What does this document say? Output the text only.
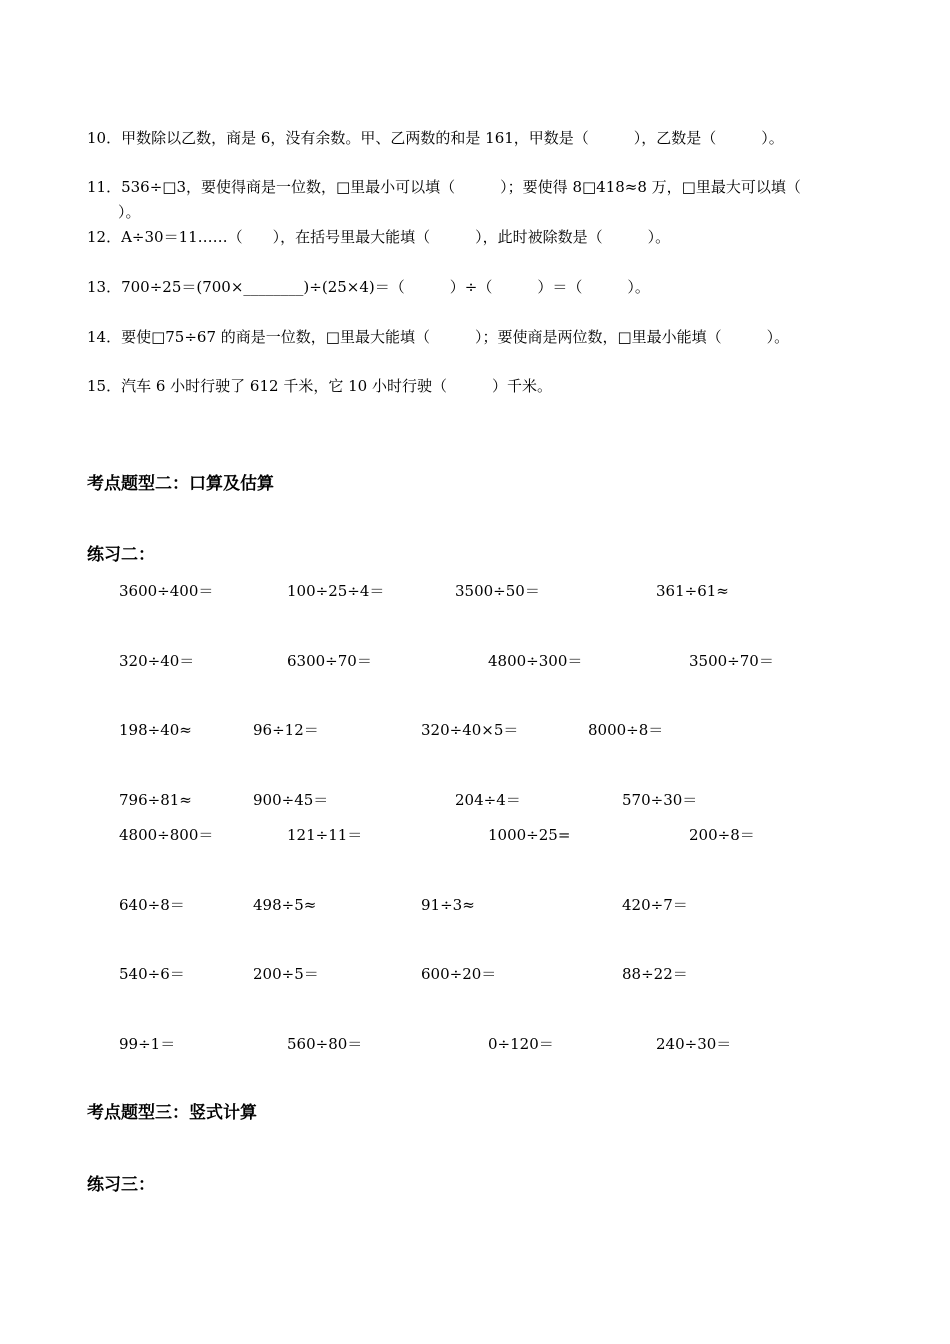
10．甲数除以乙数，商是 6，没有余数。甲、乙两数的和是 161，甲数是（　　　），乙数是（　　　）。
11．536÷□3，要使得商是一位数，□里最小可以填（　　　）；要使得 8□418≈8 万，□里最大可以填（
）。
12．A÷30＝11……（　　），在括号里最大能填（　　　），此时被除数是（　　　）。
13．700÷25＝(700×________)÷(25×4)＝（　　　）÷（　　　）＝（　　　）。
14．要使□75÷67 的商是一位数，□里最大能填（　　　）；要使商是两位数，□里最小能填（　　　）。
15．汽车 6 小时行驶了 612 千米，它 10 小时行驶（　　　）千米。
考点题型二：口算及估算
练习二：
3600÷400＝	100÷25÷4＝	3500÷50＝	361÷61≈
320÷40＝	6300÷70＝	4800÷300＝	3500÷70＝
198÷40≈	96÷12＝	320÷40×5＝	8000÷8＝
796÷81≈	900÷45＝	204÷4＝	570÷30＝
4800÷800＝	121÷11＝	1000÷25=	200÷8＝
640÷8＝	498÷5≈	91÷3≈	420÷7＝
540÷6＝	200÷5＝	600÷20＝	88÷22＝
99÷1＝	560÷80＝	0÷120＝	240÷30＝
考点题型三：竖式计算
练习三：
